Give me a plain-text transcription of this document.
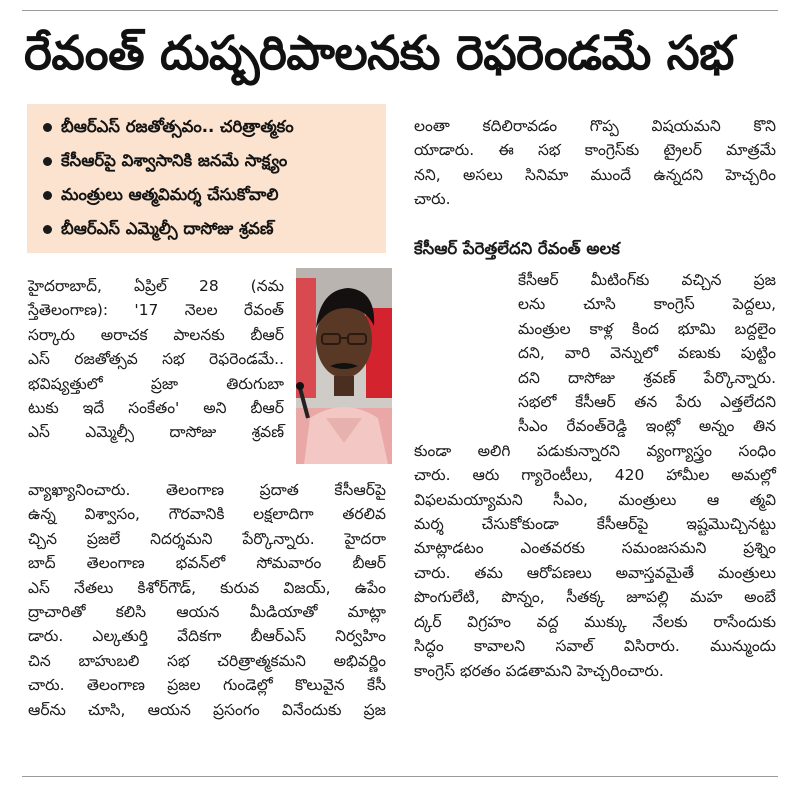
రేవంత్ దుష్పరిపాలనకు రెఫరెండమే సభ
బీఆర్‌ఎస్ రజతోత్సవం.. చరిత్రాత్మకం
కేసీఆర్‌పై విశ్వాసానికి జనమే సాక్ష్యం
మంత్రులు ఆత్మవిమర్శ చేసుకోవాలి
బీఆర్‌ఎస్ ఎమ్మెల్సీ దాసోజు శ్రవణ్

లంతా కదిలిరావడం గొప్ప విషయమని కొని

యాడారు. ఈ సభ కాంగ్రెస్‌కు ట్రైలర్ మాత్రమే

నని, అసలు సినిమా ముందే ఉన్నదని హెచ్చరిం

చారు.

కేసీఆర్ పేరెత్తలేదని రేవంత్ అలక

హైదరాబాద్, ఏప్రిల్ 28 (నమ

స్తేతెలంగాణ): '17 నెలల రేవంత్

సర్కారు అరాచక పాలనకు బీఆర్

ఎస్ రజతోత్సవ సభ రెఫరెండమే..

భవిష్యత్తులో ప్రజా తిరుగుబా

టుకు ఇదే సంకేతం' అని బీఆర్

ఎస్ ఎమ్మెల్సీ దాసోజు శ్రవణ్

కేసీఆర్ మీటింగ్‌కు వచ్చిన ప్రజ

లను చూసి కాంగ్రెస్ పెద్దలు,

మంత్రుల కాళ్ల కింద భూమి బద్దలైం

దని, వారి వెన్నులో వణుకు పుట్టిం

దని దాసోజు శ్రవణ్ పేర్కొన్నారు.

సభలో కేసీఆర్ తన పేరు ఎత్తలేదని

సీఎం రేవంత్‌రెడ్డి ఇంట్లో అన్నం తిన

కుండా అలిగి పడుకున్నారని వ్యంగ్యాస్త్రం సంధిం

చారు. ఆరు గ్యారెంటీలు, 420 హామీల అమల్లో

విఫలమయ్యామని సీఎం, మంత్రులు ఆ త్మవి

మర్శ చేసుకోకుండా కేసీఆర్‌పై ఇష్టమొచ్చినట్టు

మాట్లాడటం ఎంతవరకు సమంజసమని ప్రశ్నిం

చారు. తమ ఆరోపణలు అవాస్తవమైతే మంత్రులు

పొంగులేటి, పొన్నం, సీతక్క జూపల్లి మహ అంబే

ద్కర్ విగ్రహం వద్ద ముక్కు నేలకు రాసేందుకు

సిద్ధం కావాలని సవాల్ విసిరారు. మున్ముందు

కాంగ్రెస్ భరతం పడతామని హెచ్చరించారు.

వ్యాఖ్యానించారు. తెలంగాణ ప్రదాత కేసీఆర్‌పై

ఉన్న విశ్వాసం, గౌరవానికి లక్షలాదిగా తరలివ

చ్చిన ప్రజలే నిదర్శమని పేర్కొన్నారు. హైదరా

బాద్ తెలంగాణ భవన్‌లో సోమవారం బీఆర్

ఎస్ నేతలు కిశోర్‌గౌడ్, కురువ విజయ్, ఉపేం

ద్రాచారితో కలిసి ఆయన మీడియాతో మాట్లా

డారు. ఎల్కతుర్తి వేదికగా బీఆర్‌ఎస్ నిర్వహిం

చిన బాహుబలి సభ చరిత్రాత్మకమని అభివర్ణిం

చారు. తెలంగాణ ప్రజల గుండెల్లో కొలువైన కేసీ

ఆర్‌ను చూసి, ఆయన ప్రసంగం వినేందుకు ప్రజ
